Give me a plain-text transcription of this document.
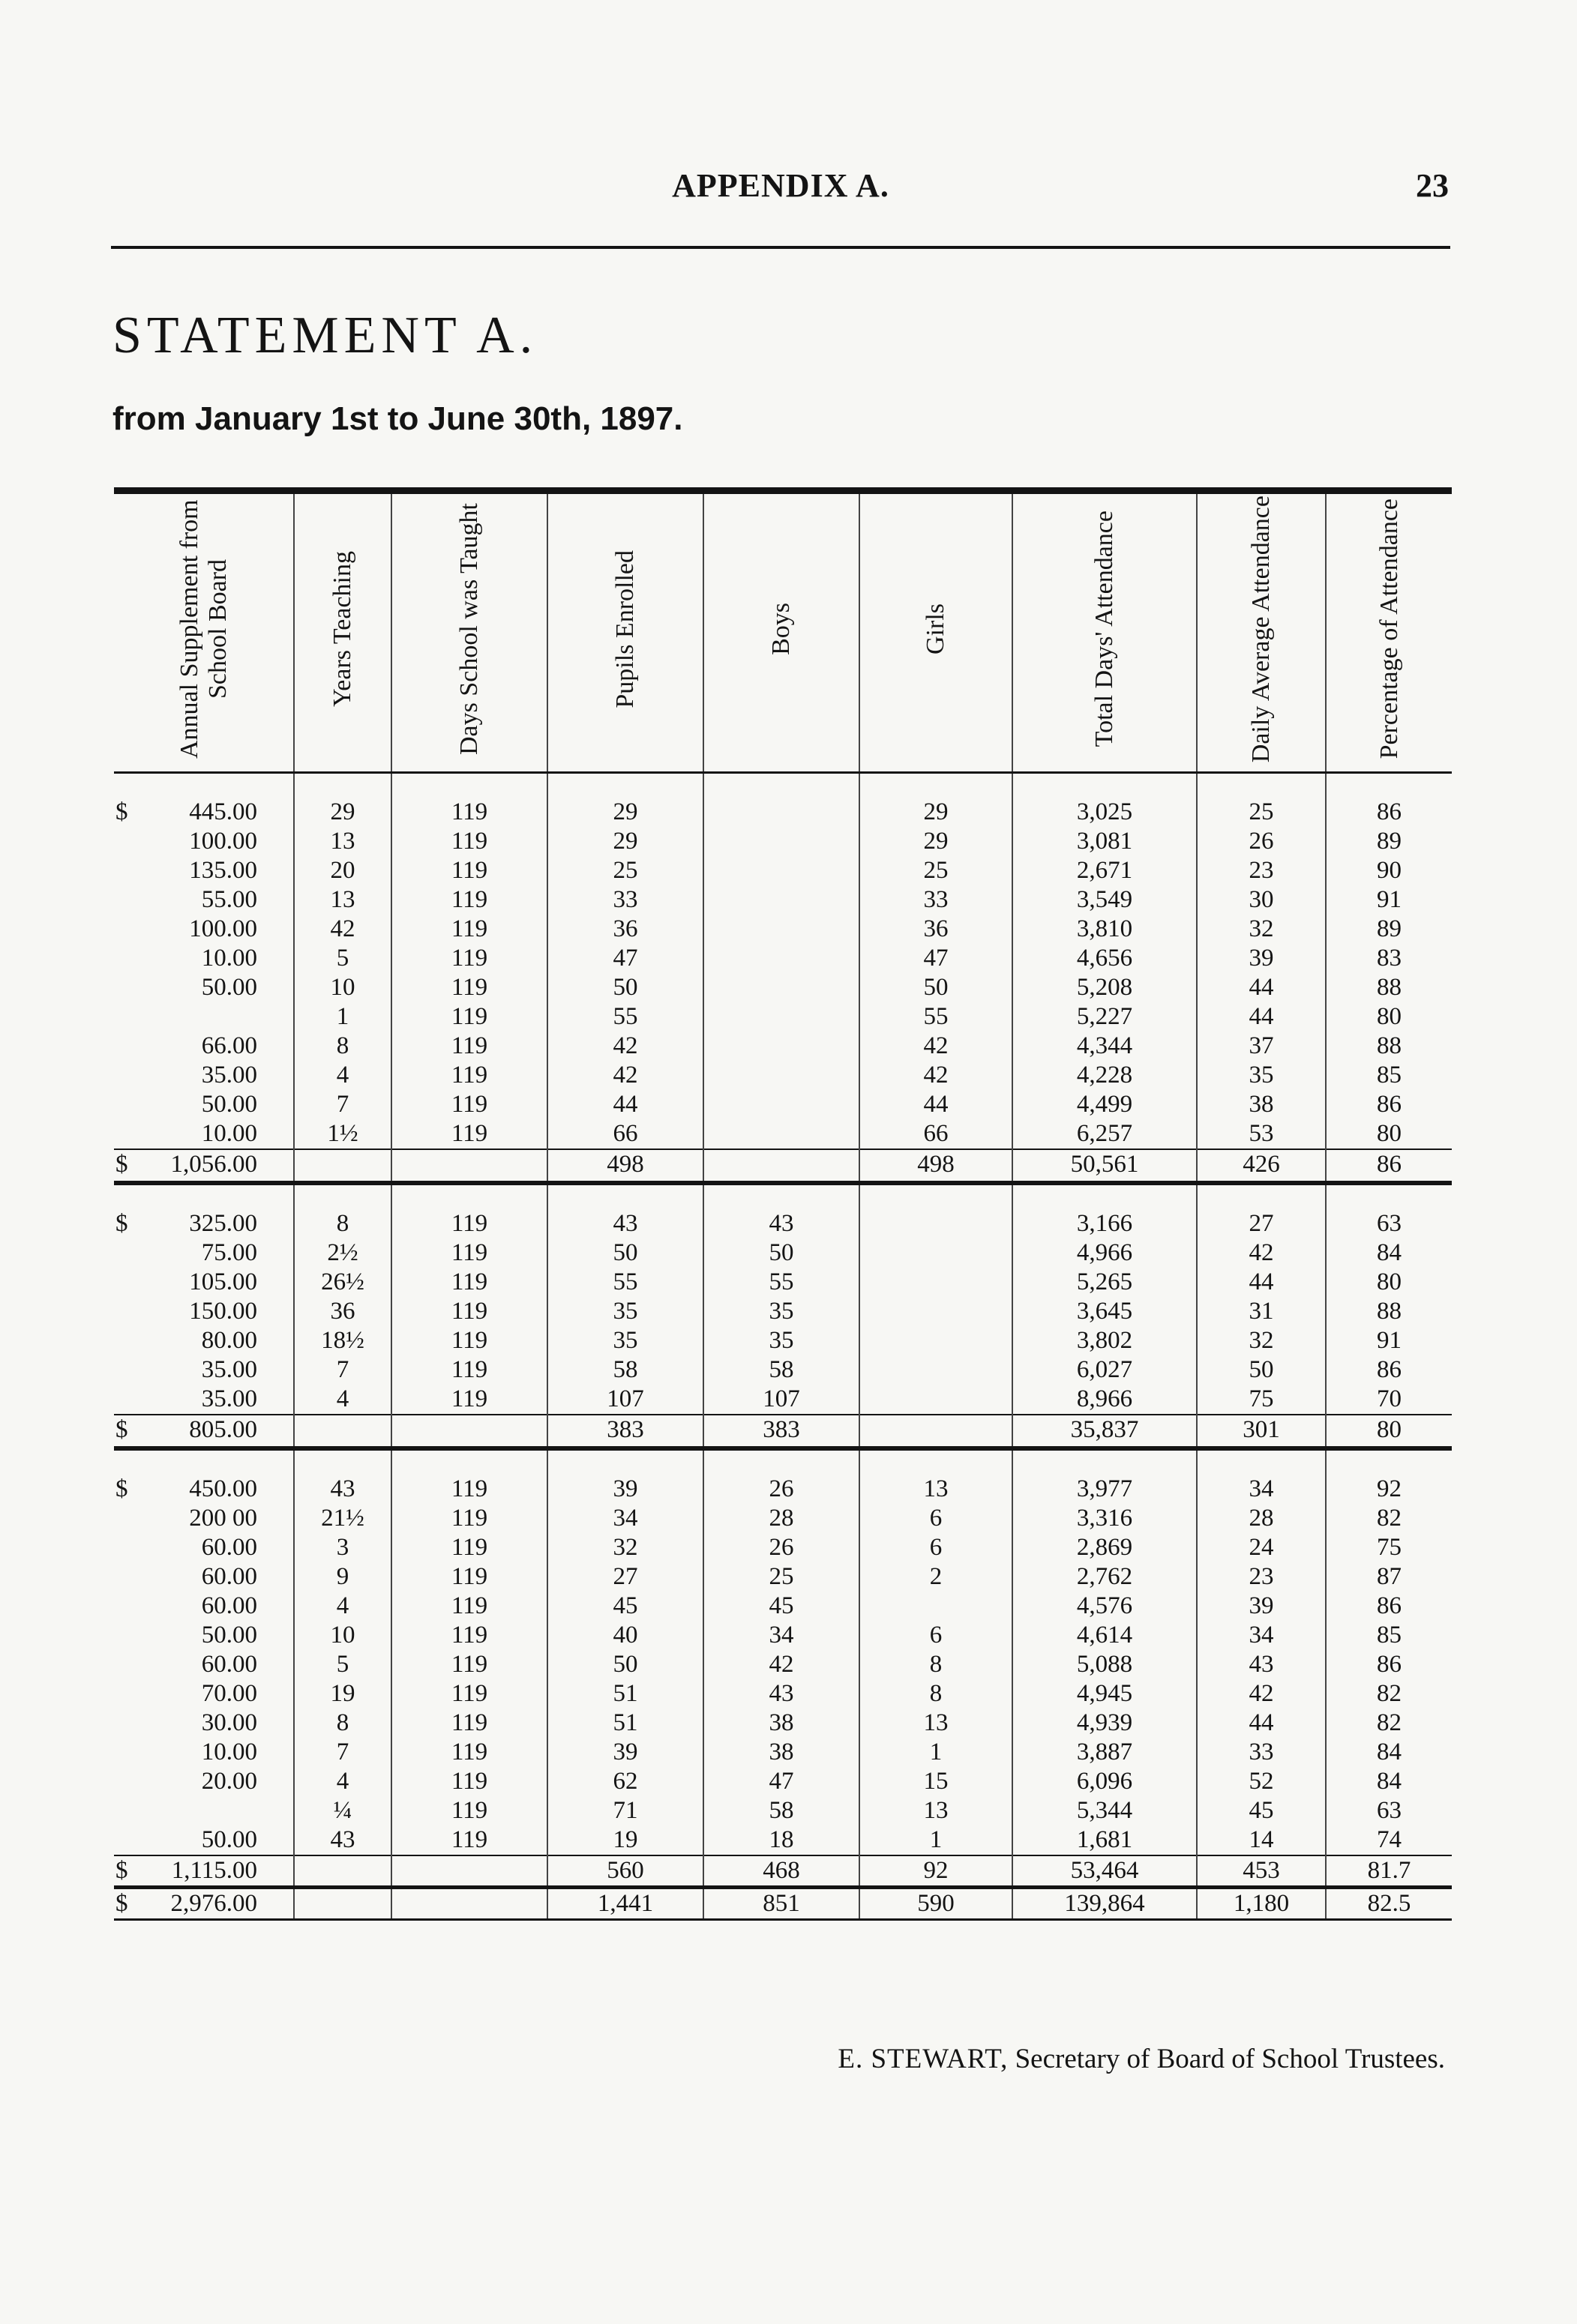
APPENDIX A.	23
STATEMENT A.
from January 1st to June 30th, 1897.

Annual Supplement from School Board	Years Teaching	Days School was Taught	Pupils Enrolled	Boys	Girls	Total Days' Attendance	Daily Average Attendance	Percentage of Attendance

$ 445.00	29	119	29		29	3,025	25	86

100.00	13	119	29		29	3,081	26	89

135.00	20	119	25		25	2,671	23	90

55.00	13	119	33		33	3,549	30	91

100.00	42	119	36		36	3,810	32	89

10.00	5	119	47		47	4,656	39	83

50.00	10	119	50		50	5,208	44	88

	1	119	55		55	5,227	44	80

66.00	8	119	42		42	4,344	37	88

35.00	4	119	42		42	4,228	35	85

50.00	7	119	44		44	4,499	38	86

10.00	1½	119	66		66	6,257	53	80

$ 1,056.00			498		498	50,561	426	86

$ 325.00	8	119	43	43		3,166	27	63

75.00	2½	119	50	50		4,966	42	84

105.00	26½	119	55	55		5,265	44	80

150.00	36	119	35	35		3,645	31	88

80.00	18½	119	35	35		3,802	32	91

35.00	7	119	58	58		6,027	50	86

35.00	4	119	107	107		8,966	75	70

$ 805.00			383	383		35,837	301	80

$ 450.00	43	119	39	26	13	3,977	34	92

200 00	21½	119	34	28	6	3,316	28	82

60.00	3	119	32	26	6	2,869	24	75

60.00	9	119	27	25	2	2,762	23	87

60.00	4	119	45	45		4,576	39	86

50.00	10	119	40	34	6	4,614	34	85

60.00	5	119	50	42	8	5,088	43	86

70.00	19	119	51	43	8	4,945	42	82

30.00	8	119	51	38	13	4,939	44	82

10.00	7	119	39	38	1	3,887	33	84

20.00	4	119	62	47	15	6,096	52	84

	¼	119	71	58	13	5,344	45	63

50.00	43	119	19	18	1	1,681	14	74

$ 1,115.00			560	468	92	53,464	453	81.7

$ 2,976.00			1,441	851	590	139,864	1,180	82.5
E. STEWART, Secretary of Board of School Trustees.
